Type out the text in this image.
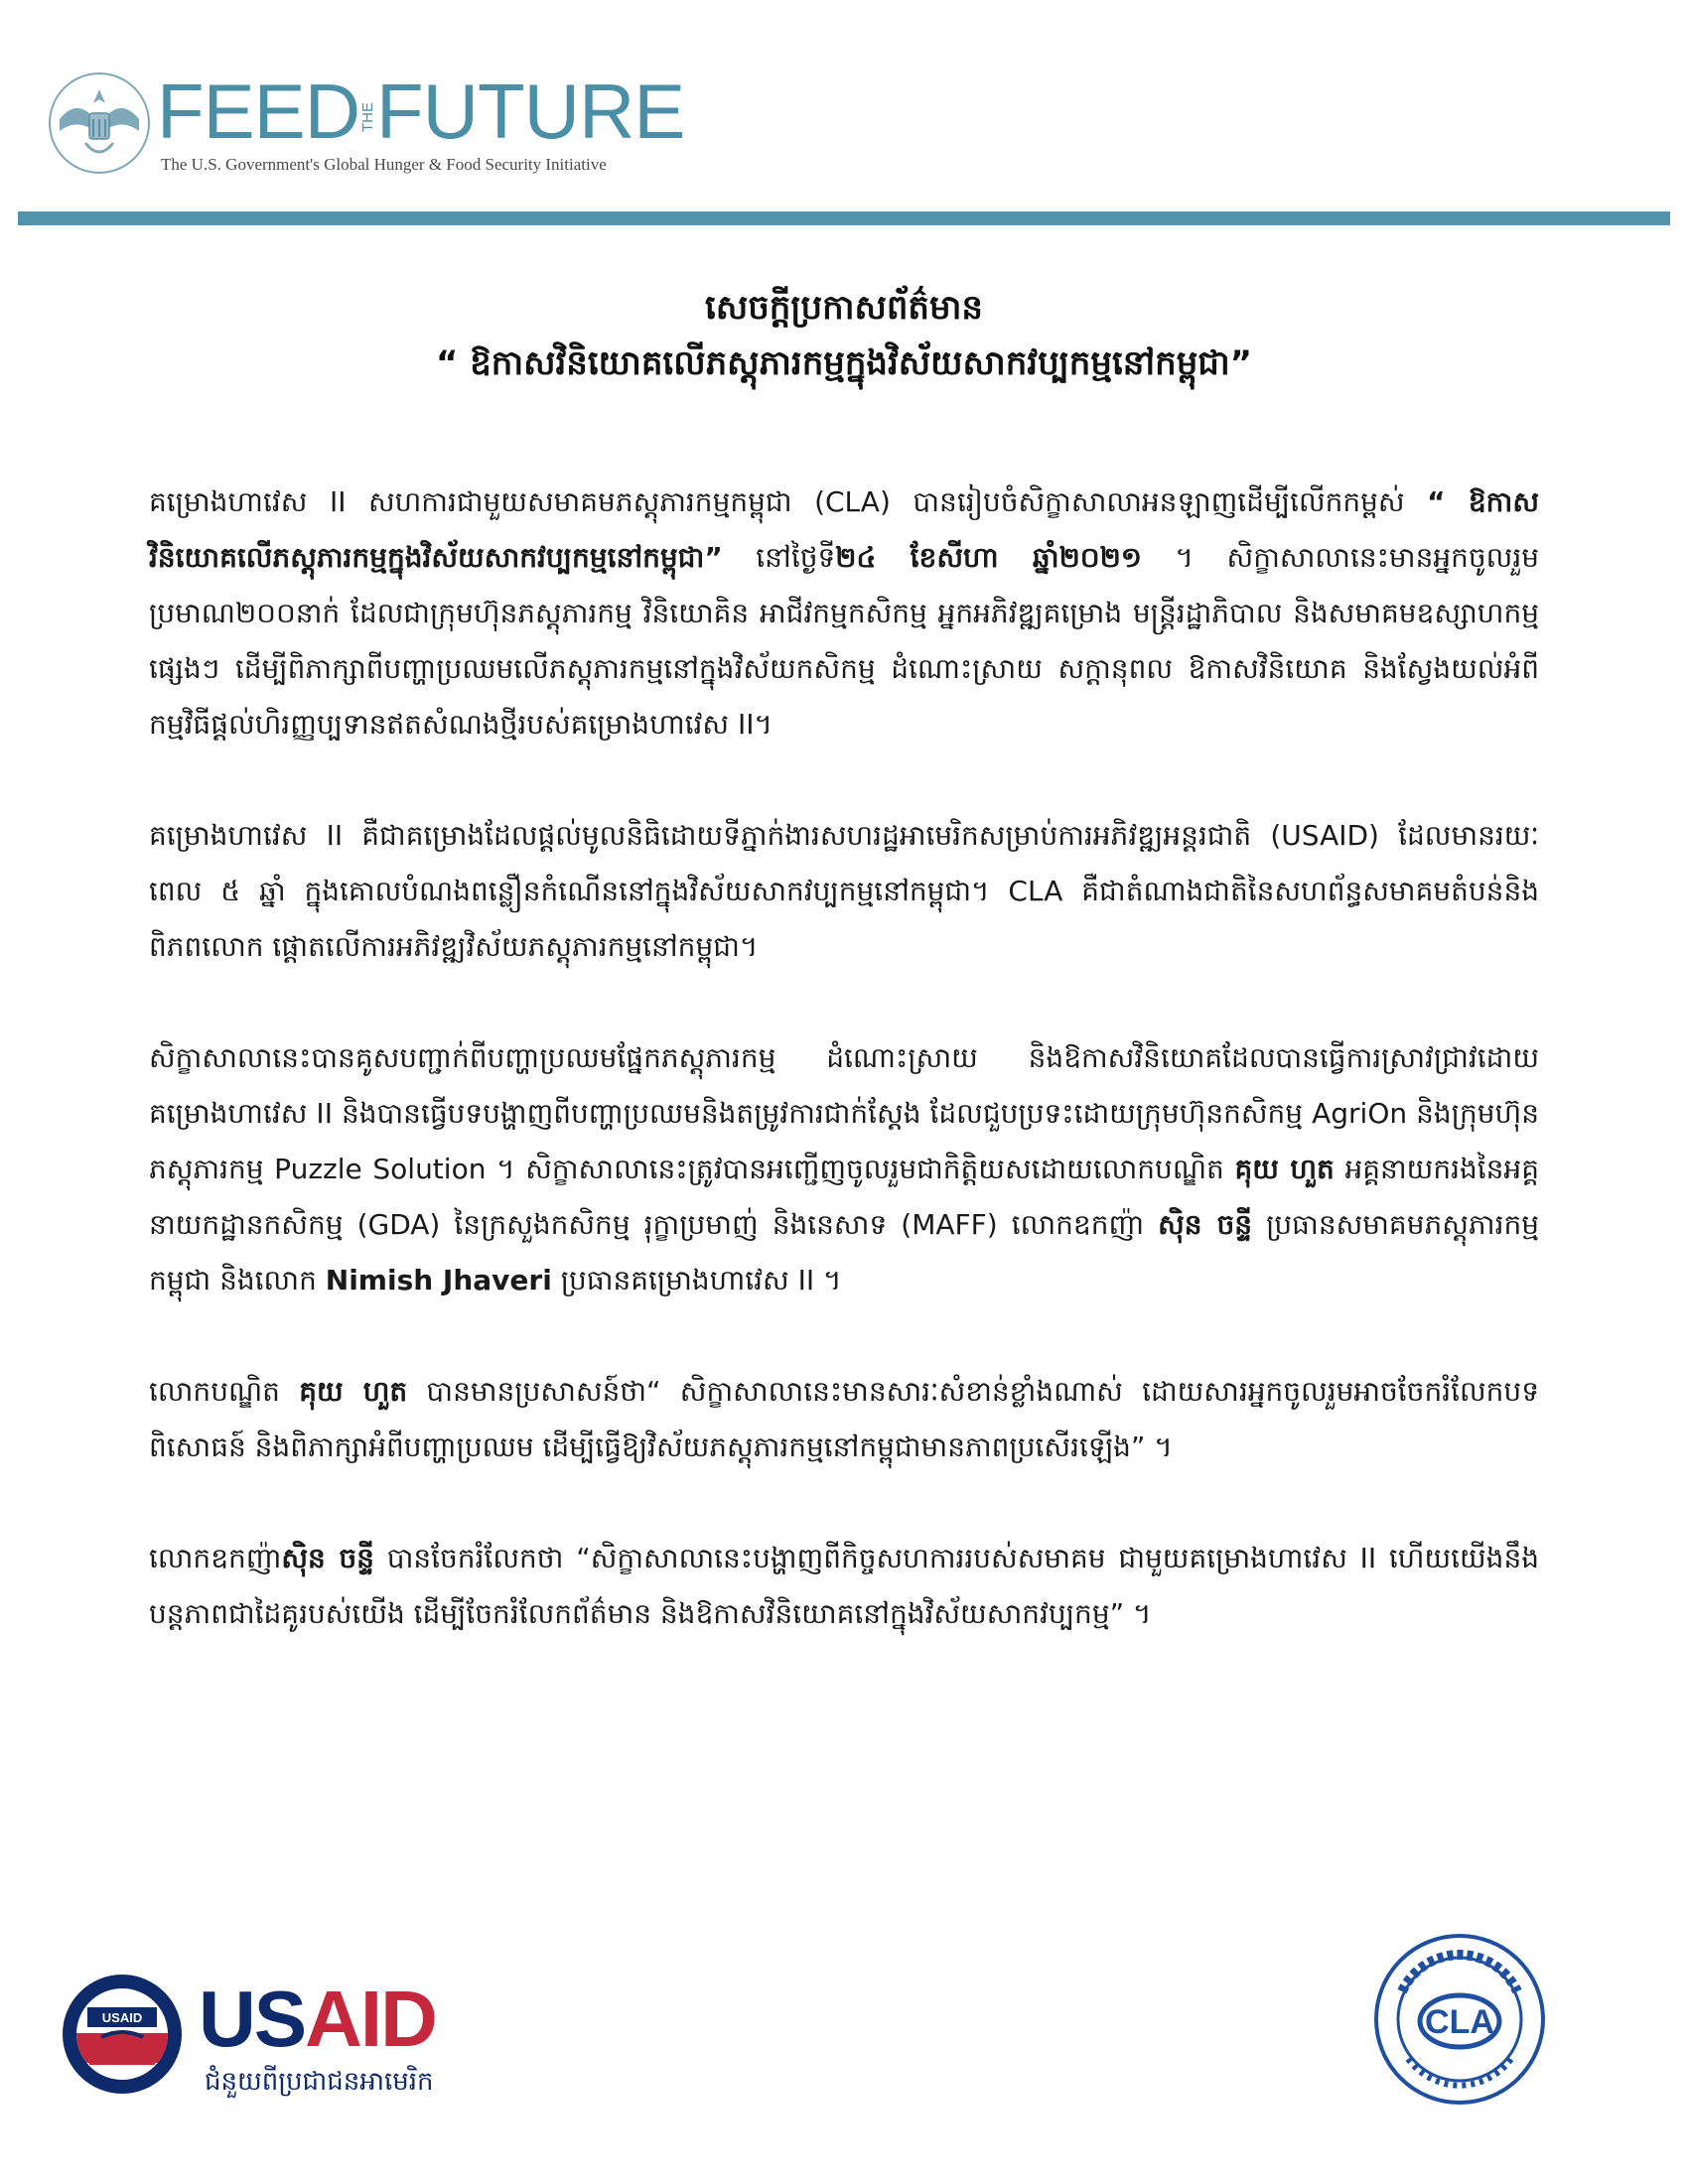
FEEDTHEFUTURE
The U.S. Government's Global Hunger & Food Security Initiative
សេចក្តីប្រកាសព័ត៌មាន
“ ឱកាសវិនិយោគលើភស្តុភារកម្មក្នុងវិស័យសាកវប្បកម្មនៅកម្ពុជា”

គម្រោងហាវេស II សហការជាមួយសមាគមភស្តុភារកម្មកម្ពុជា (CLA) បានរៀបចំសិក្ខាសាលាអនឡាញដើម្បីលើកកម្ពស់ “ ឱកាសវិនិយោគលើភស្តុភារកម្មក្នុងវិស័យសាកវប្បកម្មនៅកម្ពុជា” នៅថ្ងៃទី២៤ ខែសីហា ឆ្នាំ២០២១ ។ សិក្ខាសាលានេះមានអ្នកចូលរួមប្រមាណ២០០នាក់ ដែលជាក្រុមហ៊ុនភស្តុភារកម្ម វិនិយោគិន អាជីវកម្មកសិកម្ម អ្នកអភិវឌ្ឍគម្រោង មន្ត្រីរដ្ឋាភិបាល និងសមាគមឧស្សាហកម្មផ្សេងៗ ដើម្បីពិភាក្សាពីបញ្ហាប្រឈមលើភស្តុភារកម្មនៅក្នុងវិស័យកសិកម្ម ដំណោះស្រាយ សក្តានុពល ឱកាសវិនិយោគ និងស្វែងយល់អំពីកម្មវិធីផ្តល់ហិរញ្ញប្បទានឥតសំណងថ្មីរបស់គម្រោងហាវេស II។

គម្រោងហាវេស II គឺជាគម្រោងដែលផ្តល់មូលនិធិដោយទីភ្នាក់ងារសហរដ្ឋអាមេរិកសម្រាប់ការអភិវឌ្ឍអន្តរជាតិ (USAID) ដែលមានរយៈពេល ៥ ឆ្នាំ ក្នុងគោលបំណងពន្លឿនកំណើននៅក្នុងវិស័យសាកវប្បកម្មនៅកម្ពុជា។ CLA គឺជាតំណាងជាតិនៃសហព័ន្ធសមាគមតំបន់និងពិភពលោក ផ្តោតលើការអភិវឌ្ឍវិស័យភស្តុភារកម្មនៅកម្ពុជា។

សិក្ខាសាលានេះបានគូសបញ្ជាក់ពីបញ្ហាប្រឈមផ្នែកភស្តុភារកម្ម ដំណោះស្រាយ និងឱកាសវិនិយោគដែលបានធ្វើការស្រាវជ្រាវដោយគម្រោងហាវេស II និងបានធ្វើបទបង្ហាញពីបញ្ហាប្រឈមនិងតម្រូវការជាក់ស្តែង ដែលជួបប្រទះដោយក្រុមហ៊ុនកសិកម្ម AgriOn និងក្រុមហ៊ុនភស្តុភារកម្ម Puzzle Solution ។ សិក្ខាសាលានេះត្រូវបានអញ្ជើញចូលរួមជាកិត្តិយសដោយលោកបណ្ឌិត គុយ ហួត អគ្គនាយករងនៃអគ្គនាយកដ្ឋានកសិកម្ម (GDA) នៃក្រសួងកសិកម្ម រុក្ខាប្រមាញ់ និងនេសាទ (MAFF) លោកឧកញ៉ា ស៊ិន ចន្ទី ប្រធានសមាគមភស្តុភារកម្មកម្ពុជា និងលោក Nimish Jhaveri ប្រធានគម្រោងហាវេស II ។

លោកបណ្ឌិត គុយ ហួត បានមានប្រសាសន៍ថា“ សិក្ខាសាលានេះមានសារៈសំខាន់ខ្លាំងណាស់ ដោយសារអ្នកចូលរួមអាចចែករំលែកបទពិសោធន៍ និងពិភាក្សាអំពីបញ្ហាប្រឈម ដើម្បីធ្វើឱ្យវិស័យភស្តុភារកម្មនៅកម្ពុជាមានភាពប្រសើរឡើង” ។

លោកឧកញ៉ាស៊ិន ចន្ទី បានចែករំលែកថា “សិក្ខាសាលានេះបង្ហាញពីកិច្ចសហការរបស់សមាគម ជាមួយគម្រោងហាវេស II ហើយយើងនឹងបន្តភាពជាដៃគូរបស់យើង ដើម្បីចែករំលែកព័ត៌មាន និងឱកាសវិនិយោគនៅក្នុងវិស័យសាកវប្បកម្ម” ។

USAID USAID
ជំនួយពីប្រជាជនអាមេរិក
CLA
